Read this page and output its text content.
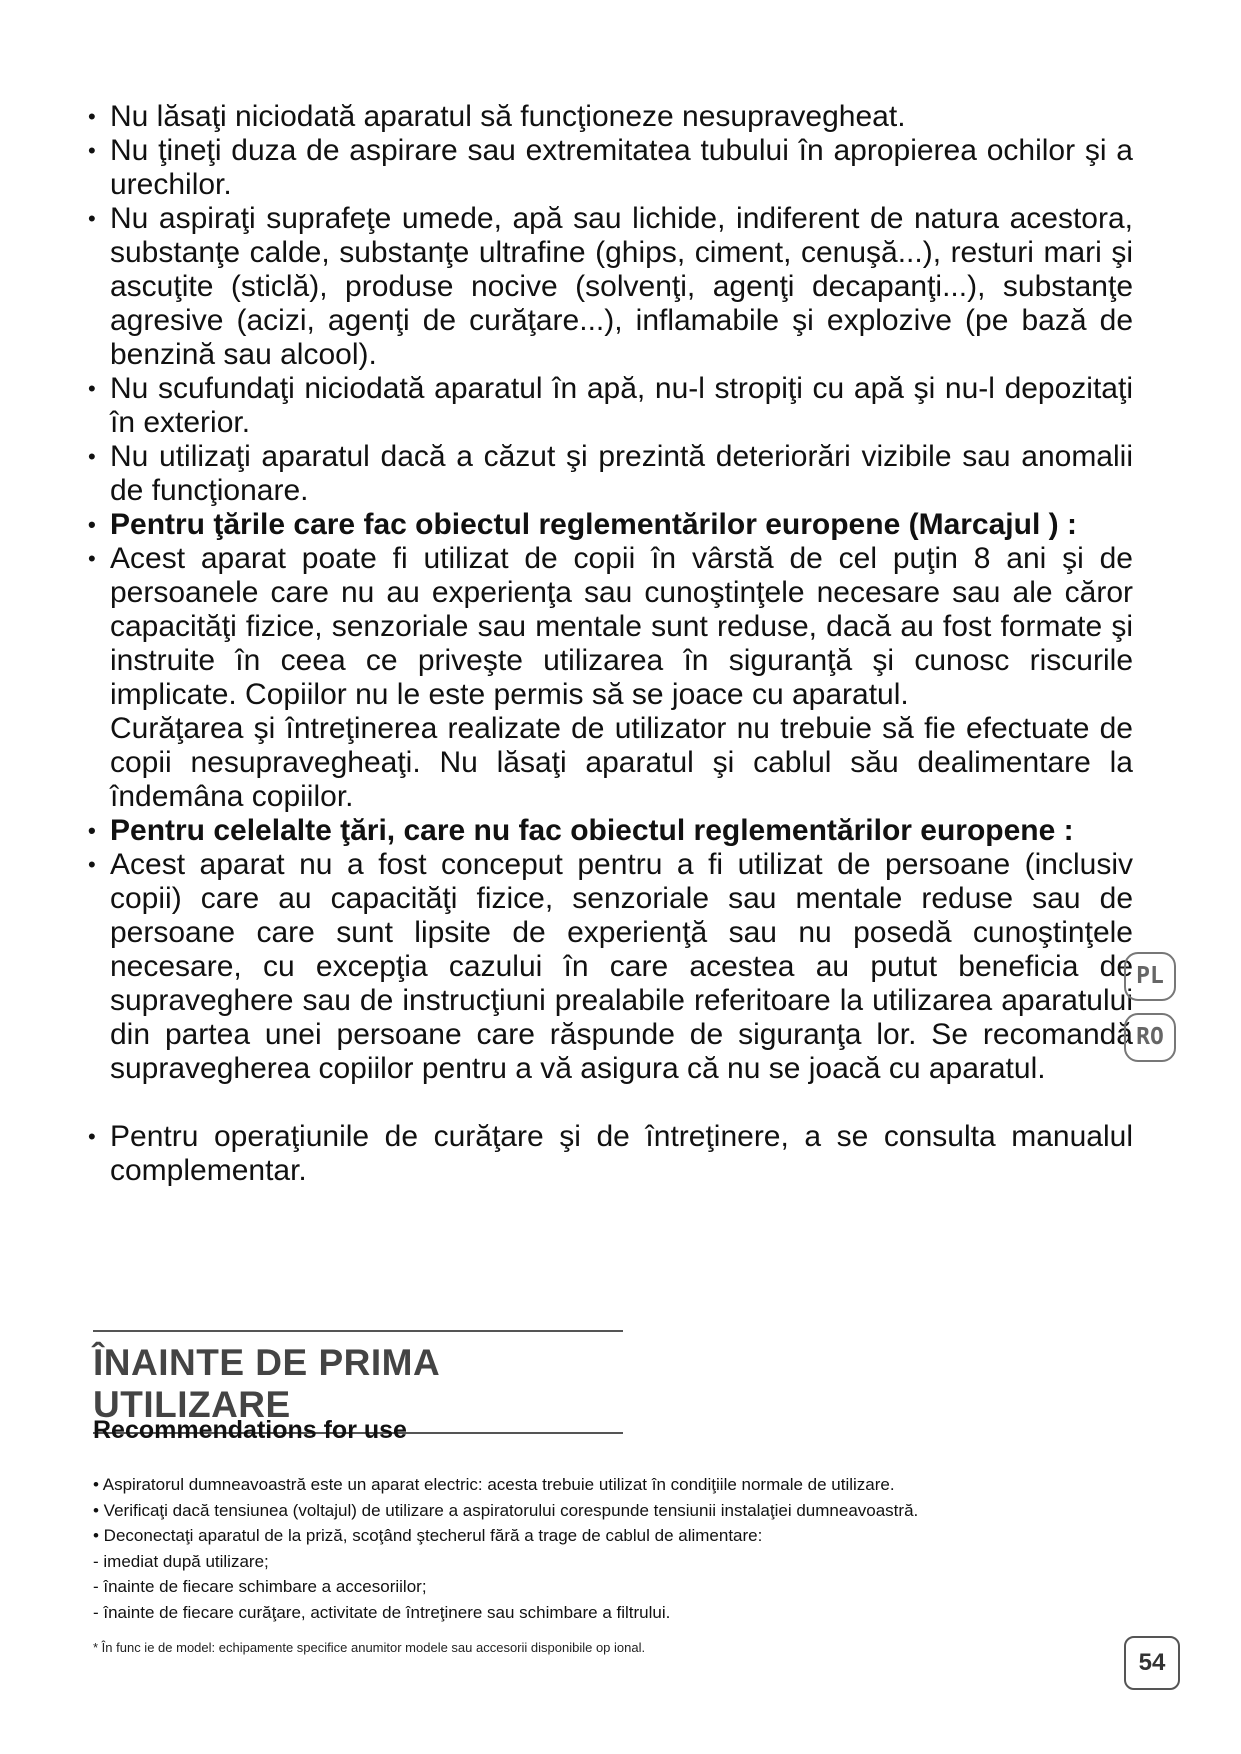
• Nu lăsaţi niciodată aparatul să funcţioneze nesupravegheat.
• Nu ţineţi duza de aspirare sau extremitatea tubului în apropierea ochilor şi a urechilor.
• Nu aspiraţi suprafeţe umede, apă sau lichide, indiferent de natura acestora, substanţe calde, substanţe ultrafine (ghips, ciment, cenuşă...), resturi mari şi ascuţite (sticlă), produse nocive (solvenţi, agenţi decapanţi...), substanţe agresive (acizi, agenţi de curăţare...), inflamabile şi explozive (pe bază de benzină sau alcool).
• Nu scufundaţi niciodată aparatul în apă, nu-l stropiţi cu apă şi nu-l depozitaţi în exterior.
• Nu utilizaţi aparatul dacă a căzut şi prezintă deteriorări vizibile sau anomalii de funcţionare.
• Pentru ţările care fac obiectul reglementărilor europene (Marcajul ) :
• Acest aparat poate fi utilizat de copii în vârstă de cel puţin 8 ani şi de persoanele care nu au experienţa sau cunoştinţele necesare sau ale căror capacităţi fizice, senzoriale sau mentale sunt reduse, dacă au fost formate şi instruite în ceea ce priveşte utilizarea în siguranţă şi cunosc riscurile implicate. Copiilor nu le este permis să se joace cu aparatul.
Curăţarea şi întreţinerea realizate de utilizator nu trebuie să fie efectuate de copii nesupravegheaţi. Nu lăsaţi aparatul şi cablul său dealimentare la îndemâna copiilor.
• Pentru celelalte ţări, care nu fac obiectul reglementărilor europene :
• Acest aparat nu a fost conceput pentru a fi utilizat de persoane (inclusiv copii) care au capacităţi fizice, senzoriale sau mentale reduse sau de persoane care sunt lipsite de experienţă sau nu posedă cunoştinţele necesare, cu excepţia cazului în care acestea au putut beneficia de supraveghere sau de instrucţiuni prealabile referitoare la utilizarea aparatului din partea unei persoane care răspunde de siguranţa lor. Se recomandă supravegherea copiilor pentru a vă asigura că nu se joacă cu aparatul.
• Pentru operaţiunile de curăţare şi de întreţinere, a se consulta manualul complementar.
ÎNAINTE DE PRIMA UTILIZARE
Recommendations for use

• Aspiratorul dumneavoastră este un aparat electric: acesta trebuie utilizat în condiţiile normale de utilizare.

• Verificaţi dacă tensiunea (voltajul) de utilizare a aspiratorului corespunde tensiunii instalaţiei dumneavoastră.

• Deconectaţi aparatul de la priză, scoţând ştecherul fără a trage de cablul de alimentare:

- imediat după utilizare;

- înainte de fiecare schimbare a accesoriilor;

- înainte de fiecare curăţare, activitate de întreţinere sau schimbare a filtrului.

* În func ie de model: echipamente specifice anumitor modele sau accesorii disponibile op ional.
PL
RO
54
